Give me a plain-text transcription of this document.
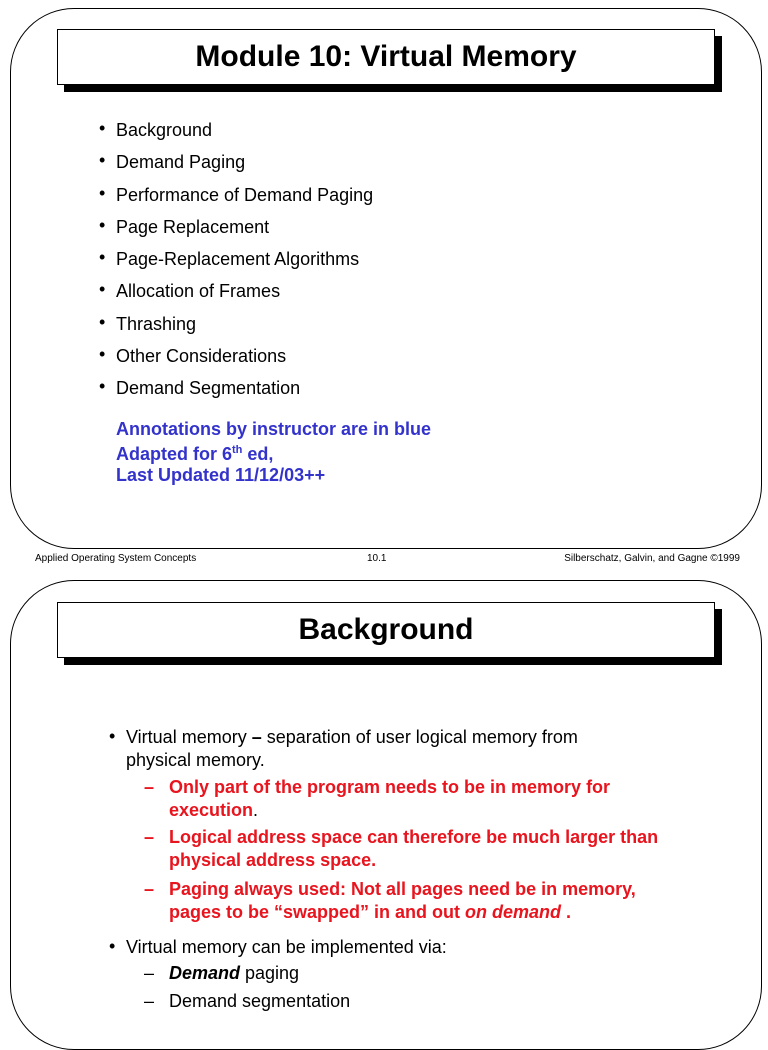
Module 10: Virtual Memory
• Background
• Demand Paging
• Performance of Demand Paging
• Page Replacement
• Page-Replacement Algorithms
• Allocation of Frames
• Thrashing
• Other Considerations
• Demand Segmentation
Annotations by instructor are in blue
Adapted for 6th ed,
Last Updated 11/12/03++
Applied Operating System Concepts	10.1	Silberschatz, Galvin, and Gagne ©1999
Background
• Virtual memory – separation of user logical memory from physical memory.
– Only part of the program needs to be in memory for execution.
– Logical address space can therefore be much larger than physical address space.
– Paging always used: Not all pages need be in memory, pages to be “swapped” in and out on demand .
• Virtual memory can be implemented via:
– Demand paging
– Demand segmentation
